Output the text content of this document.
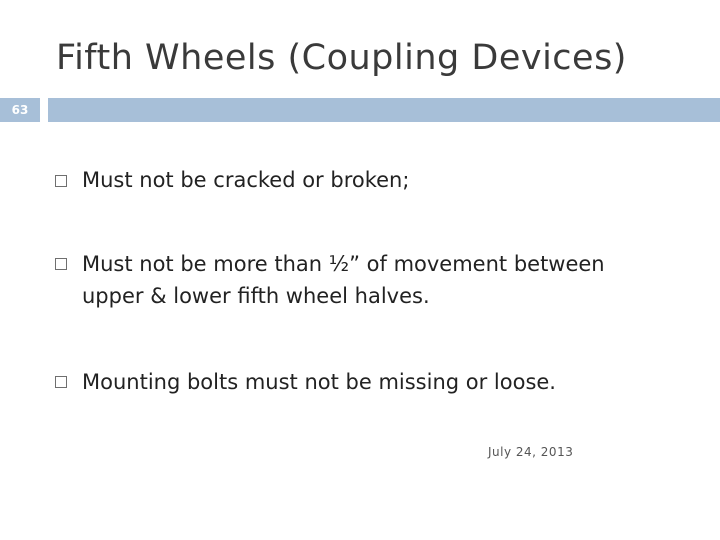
Fifth Wheels (Coupling Devices)
63
Must not be cracked or broken;
Must not be more than ½” of movement between upper & lower fifth wheel halves.
Mounting bolts must not be missing or loose.
July 24, 2013
